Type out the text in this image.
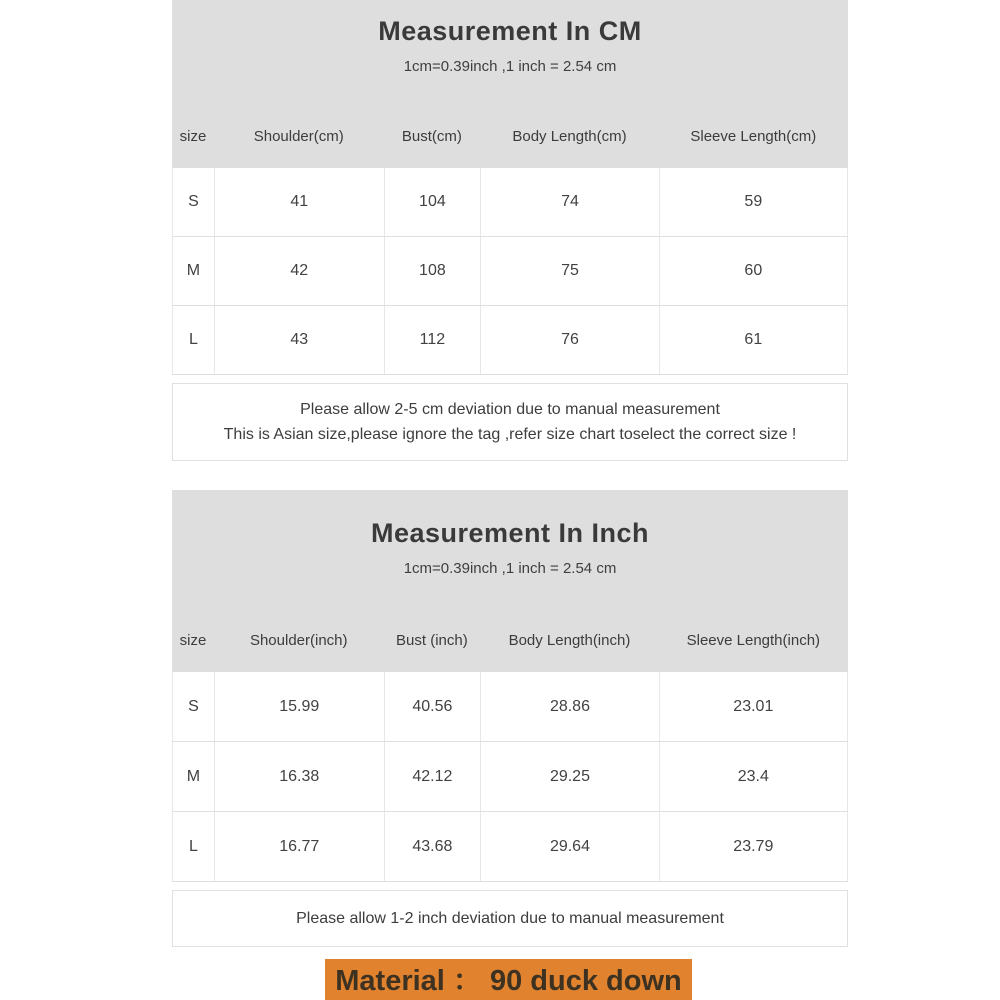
Measurement In CM
1cm=0.39inch ,1 inch = 2.54 cm
size	Shoulder(cm)	Bust(cm)	Body Length(cm)	Sleeve Length(cm)
S	41	104	74	59
M	42	108	75	60
L	43	112	76	61
Please allow 2-5 cm deviation due to manual measurement
This is Asian size,please ignore the tag ,refer size chart toselect the correct size !
Measurement In Inch
1cm=0.39inch ,1 inch = 2.54 cm
size	Shoulder(inch)	Bust (inch)	Body Length(inch)	Sleeve Length(inch)
S	15.99	40.56	28.86	23.01
M	16.38	42.12	29.25	23.4
L	16.77	43.68	29.64	23.79
Please allow 1-2 inch deviation due to manual measurement
Material ： 90 duck down
